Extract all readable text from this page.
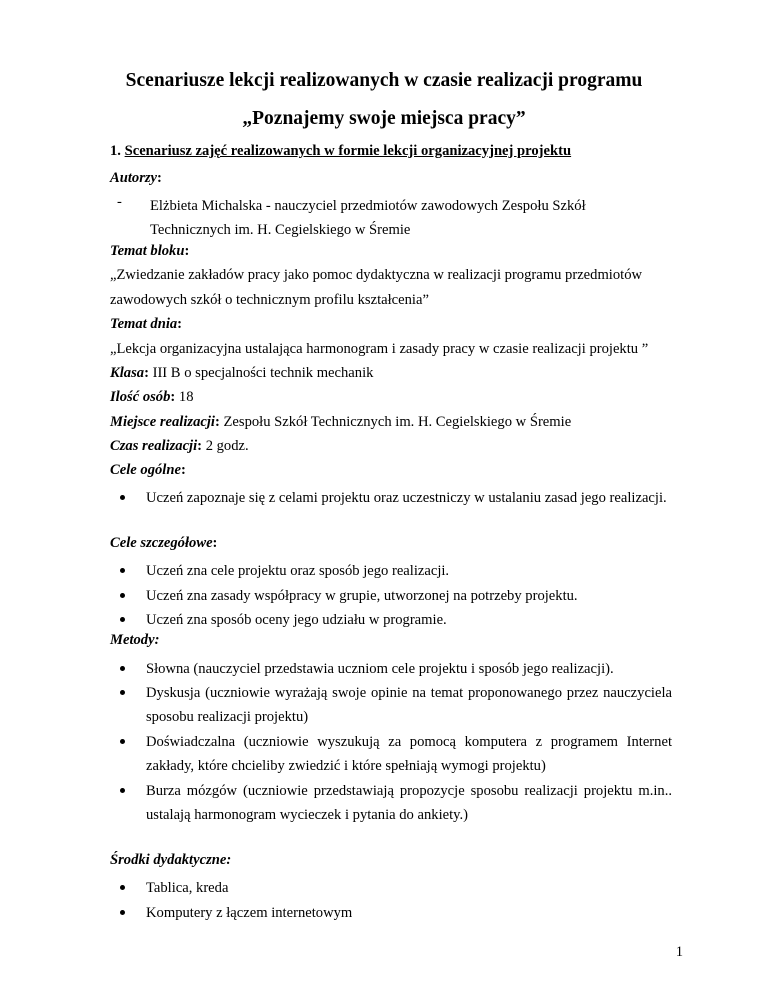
Scenariusze lekcji realizowanych w czasie realizacji programu
„Poznajemy swoje miejsca pracy”
1. Scenariusz zajęć realizowanych w formie lekcji organizacyjnej projektu
Autorzy:
- Elżbieta Michalska - nauczyciel przedmiotów zawodowych Zespołu Szkół
Technicznych im. H. Cegielskiego w Śremie
Temat bloku:
„Zwiedzanie zakładów pracy jako pomoc dydaktyczna w realizacji programu przedmiotów
zawodowych szkół o technicznym profilu kształcenia”
Temat dnia:
„Lekcja organizacyjna ustalająca harmonogram i zasady pracy w czasie realizacji projektu ”
Klasa: III B o specjalności technik mechanik
Ilość osób: 18
Miejsce realizacji: Zespołu Szkół Technicznych im. H. Cegielskiego w Śremie
Czas realizacji: 2 godz.
Cele ogólne:
Uczeń zapoznaje się z celami projektu oraz uczestniczy w ustalaniu zasad jego realizacji.
Cele szczegółowe:
Uczeń zna cele projektu oraz sposób jego realizacji.
Uczeń zna zasady współpracy w grupie, utworzonej na potrzeby projektu.
Uczeń zna sposób oceny jego udziału w programie.
Metody:
Słowna (nauczyciel przedstawia uczniom cele projektu i sposób jego realizacji).
Dyskusja (uczniowie wyrażają swoje opinie na temat proponowanego przez nauczyciela sposobu realizacji projektu)
Doświadczalna (uczniowie wyszukują za pomocą komputera z programem Internet zakłady, które chcieliby zwiedzić i które spełniają wymogi projektu)
Burza mózgów (uczniowie przedstawiają propozycje sposobu realizacji projektu m.in.. ustalają harmonogram wycieczek i pytania do ankiety.)
Środki dydaktyczne:
Tablica, kreda
Komputery z łączem internetowym
1
